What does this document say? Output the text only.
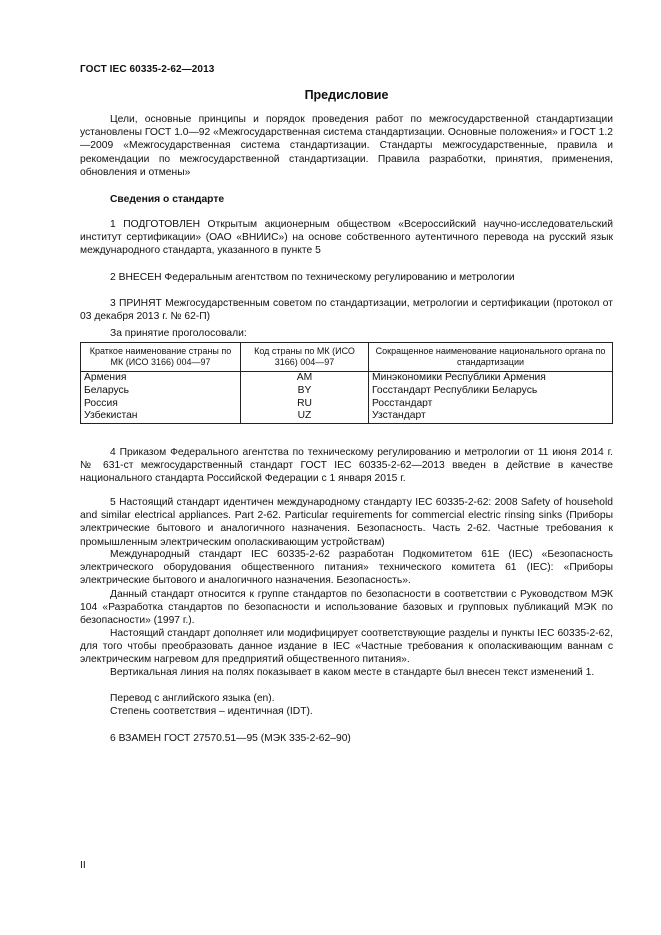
ГОСТ IEC 60335-2-62—2013
Предисловие

Цели, основные принципы и порядок проведения работ по межгосударственной стандартизации установлены ГОСТ 1.0—92 «Межгосударственная система стандартизации. Основные положения» и ГОСТ 1.2—2009 «Межгосударственная система стандартизации. Стандарты межгосударственные, правила и рекомендации по межгосударственной стандартизации. Правила разработки, принятия, применения, обновления и отмены»

Сведения о стандарте

1 ПОДГОТОВЛЕН Открытым акционерным обществом «Всероссийский научно-исследовательский институт сертификации» (ОАО «ВНИИС») на основе собственного аутентичного перевода на русский язык международного стандарта, указанного в пункте 5

2 ВНЕСЕН Федеральным агентством по техническому регулированию и метрологии

3 ПРИНЯТ Межгосударственным советом по стандартизации, метрологии и сертификации (протокол от 03 декабря 2013 г. № 62-П)

За принятие проголосовали:
Краткое наименование страны по МК (ИСО 3166) 004—97	Код страны по МК (ИСО 3166) 004—97	Сокращенное наименование национального органа по стандартизации
Армения	AM	Минэкономики Республики Армения
Беларусь	BY	Госстандарт Республики Беларусь
Россия	RU	Росстандарт
Узбекистан	UZ	Узстандарт

4 Приказом Федерального агентства по техническому регулированию и метрологии от 11 июня 2014 г. № 631-ст межгосударственный стандарт ГОСТ IEC 60335-2-62—2013 введен в действие в качестве национального стандарта Российской Федерации с 1 января 2015 г.

5 Настоящий стандарт идентичен международному стандарту IEC 60335-2-62: 2008 Safety of household and similar electrical appliances. Part 2-62. Particular requirements for commercial electric rinsing sinks (Приборы электрические бытового и аналогичного назначения. Безопасность. Часть 2-62. Частные требования к промышленным электрическим ополаскивающим устройствам)

Международный стандарт IEC 60335-2-62 разработан Подкомитетом 61E (IEC) «Безопасность электрического оборудования общественного питания» технического комитета 61 (IEC): «Приборы электрические бытового и аналогичного назначения. Безопасность».

Данный стандарт относится к группе стандартов по безопасности в соответствии с Руководством МЭК 104 «Разработка стандартов по безопасности и использование базовых и групповых публикаций МЭК по безопасности» (1997 г.).

Настоящий стандарт дополняет или модифицирует соответствующие разделы и пункты IEC 60335-2-62, для того чтобы преобразовать данное издание в IEC «Частные требования к ополаскивающим ваннам с электрическим нагревом для предприятий общественного питания».

Вертикальная линия на полях показывает в каком месте в стандарте был внесен текст изменений 1.

Перевод с английского языка (en).

Степень соответствия – идентичная (IDT).

6 ВЗАМЕН ГОСТ 27570.51—95 (МЭК 335-2-62–90)

II
